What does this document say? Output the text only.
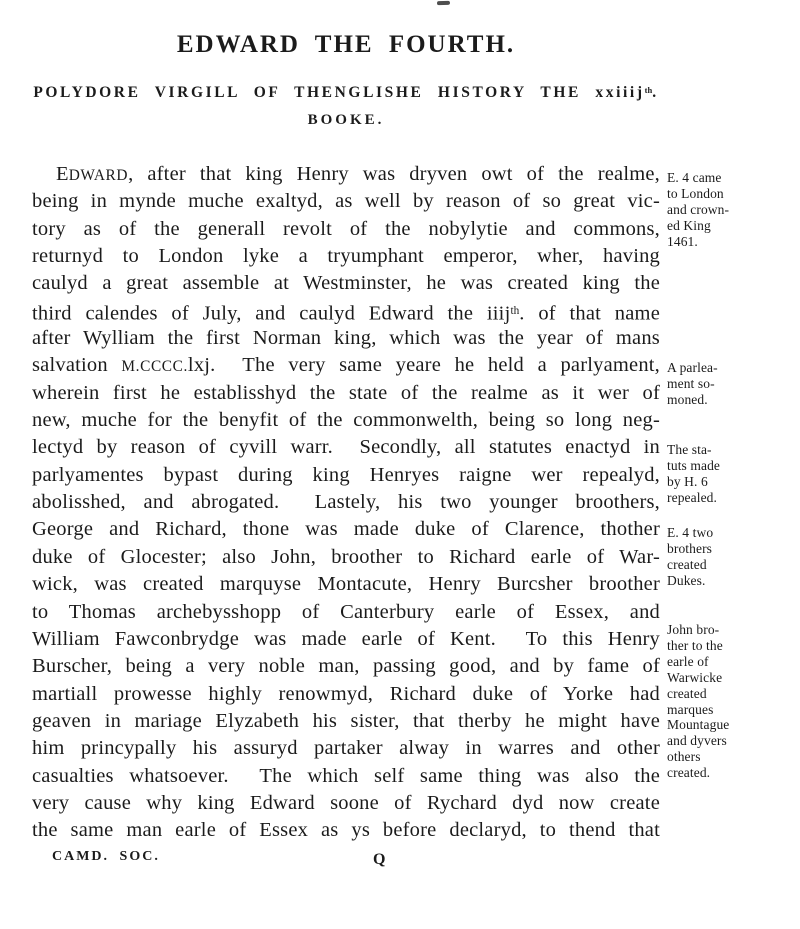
EDWARD THE FOURTH.
POLYDORE VIRGILL OF THENGLISHE HISTORY THE xxiiij$^{th}$.
BOOKE.
EDWARD, after that king Henry was dryven owt of the realme,
being in mynde muche exaltyd, as well by reason of so great vic-
tory as of the generall revolt of the nobylytie and commons,
returnyd to London lyke a tryumphant emperor, wher, having
caulyd a great assemble at Westminster, he was created king the
third calendes of July, and caulyd Edward the iiij$^{th}$. of that name
after Wylliam the first Norman king, which was the year of mans
salvation M.CCCC.lxj.  The very same yeare he held a parlyament,
wherein first he establisshyd the state of the realme as it wer of
new, muche for the benyfit of the commonwelth, being so long neg-
lectyd by reason of cyvill warr.  Secondly, all statutes enactyd in
parlyamentes bypast during king Henryes raigne wer repealyd,
abolisshed, and abrogated.  Lastely, his two younger broothers,
George and Richard, thone was made duke of Clarence, thother
duke of Glocester; also John, broother to Richard earle of War-
wick, was created marquyse Montacute, Henry Burcsher broother
to Thomas archebysshopp of Canterbury earle of Essex, and
William Fawconbrydge was made earle of Kent.  To this Henry
Burscher, being a very noble man, passing good, and by fame of
martiall prowesse highly renowmyd, Richard duke of Yorke had
geaven in mariage Elyzabeth his sister, that therby he might have
him princypally his assuryd partaker alway in warres and other
casualties whatsoever.  The which self same thing was also the
very cause why king Edward soone of Rychard dyd now create
the same man earle of Essex as ys before declaryd, to thend that
E. 4 came
to London
and crown-
ed King
1461.
A parlea-
ment so-
moned.
The sta-
tuts made
by H. 6
repealed.
E. 4 two
brothers
created
Dukes.
John bro-
ther to the
earle of
Warwicke
created
marques
Mountague
and dyvers
others
created.
CAMD. SOC.	Q
